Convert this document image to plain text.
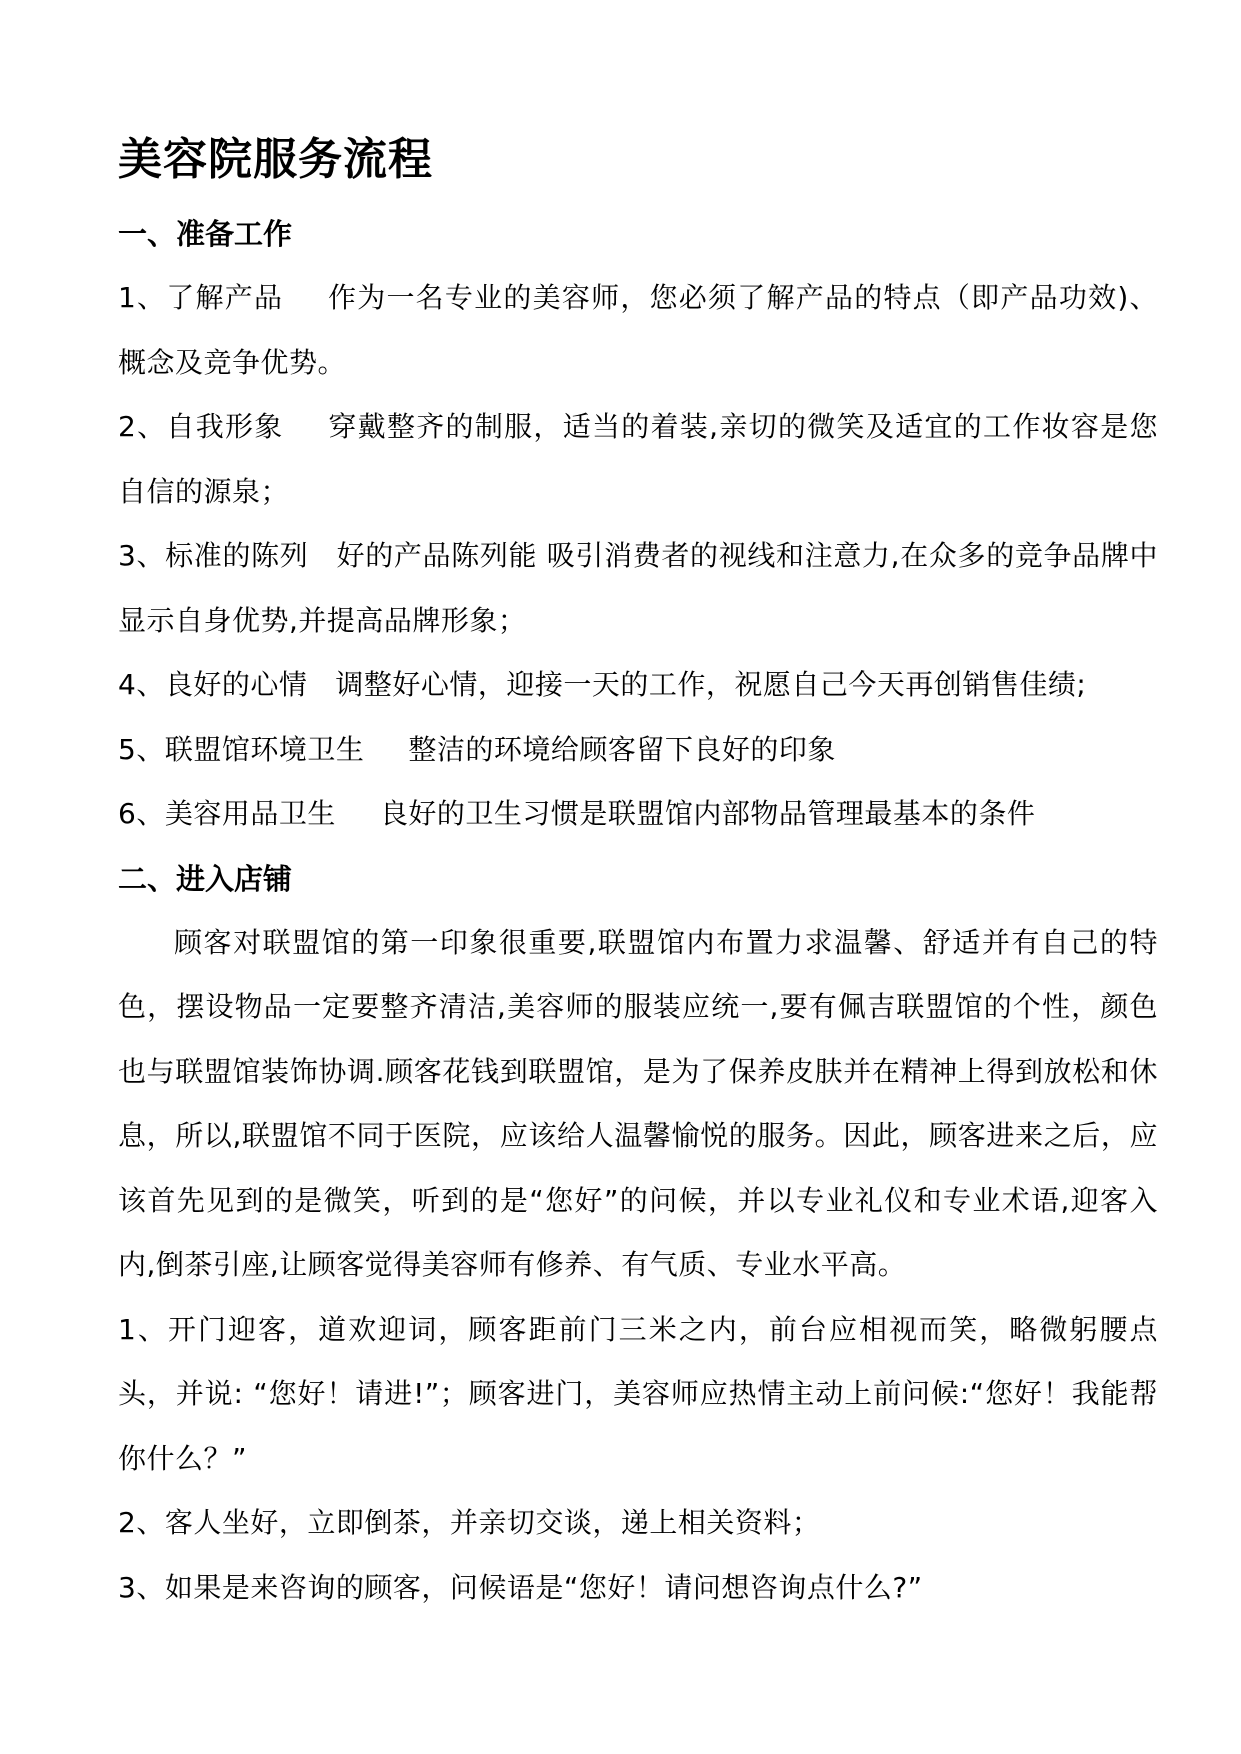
美容院服务流程
一、准备工作

1、了解产品 作为一名专业的美容师，您必须了解产品的特点（即产品功效)、概念及竞争优势。

2、自我形象 穿戴整齐的制服，适当的着装,亲切的微笑及适宜的工作妆容是您自信的源泉；

3、标准的陈列 好的产品陈列能 吸引消费者的视线和注意力,在众多的竞争品牌中显示自身优势,并提高品牌形象；

4、良好的心情 调整好心情，迎接一天的工作，祝愿自己今天再创销售佳绩;

5、联盟馆环境卫生 整洁的环境给顾客留下良好的印象

6、美容用品卫生 良好的卫生习惯是联盟馆内部物品管理最基本的条件

二、进入店铺

顾客对联盟馆的第一印象很重要,联盟馆内布置力求温馨、舒适并有自己的特色，摆设物品一定要整齐清洁,美容师的服装应统一,要有佩吉联盟馆的个性，颜色也与联盟馆装饰协调.顾客花钱到联盟馆，是为了保养皮肤并在精神上得到放松和休息，所以,联盟馆不同于医院，应该给人温馨愉悦的服务。因此，顾客进来之后，应该首先见到的是微笑，听到的是“您好”的问候，并以专业礼仪和专业术语,迎客入内,倒茶引座,让顾客觉得美容师有修养、有气质、专业水平高。

1、开门迎客，道欢迎词，顾客距前门三米之内，前台应相视而笑，略微躬腰点头，并说: “您好！请进!”；顾客进门，美容师应热情主动上前问候:“您好！我能帮你什么？”

2、客人坐好，立即倒茶，并亲切交谈，递上相关资料；

3、如果是来咨询的顾客，问候语是“您好！请问想咨询点什么?”
